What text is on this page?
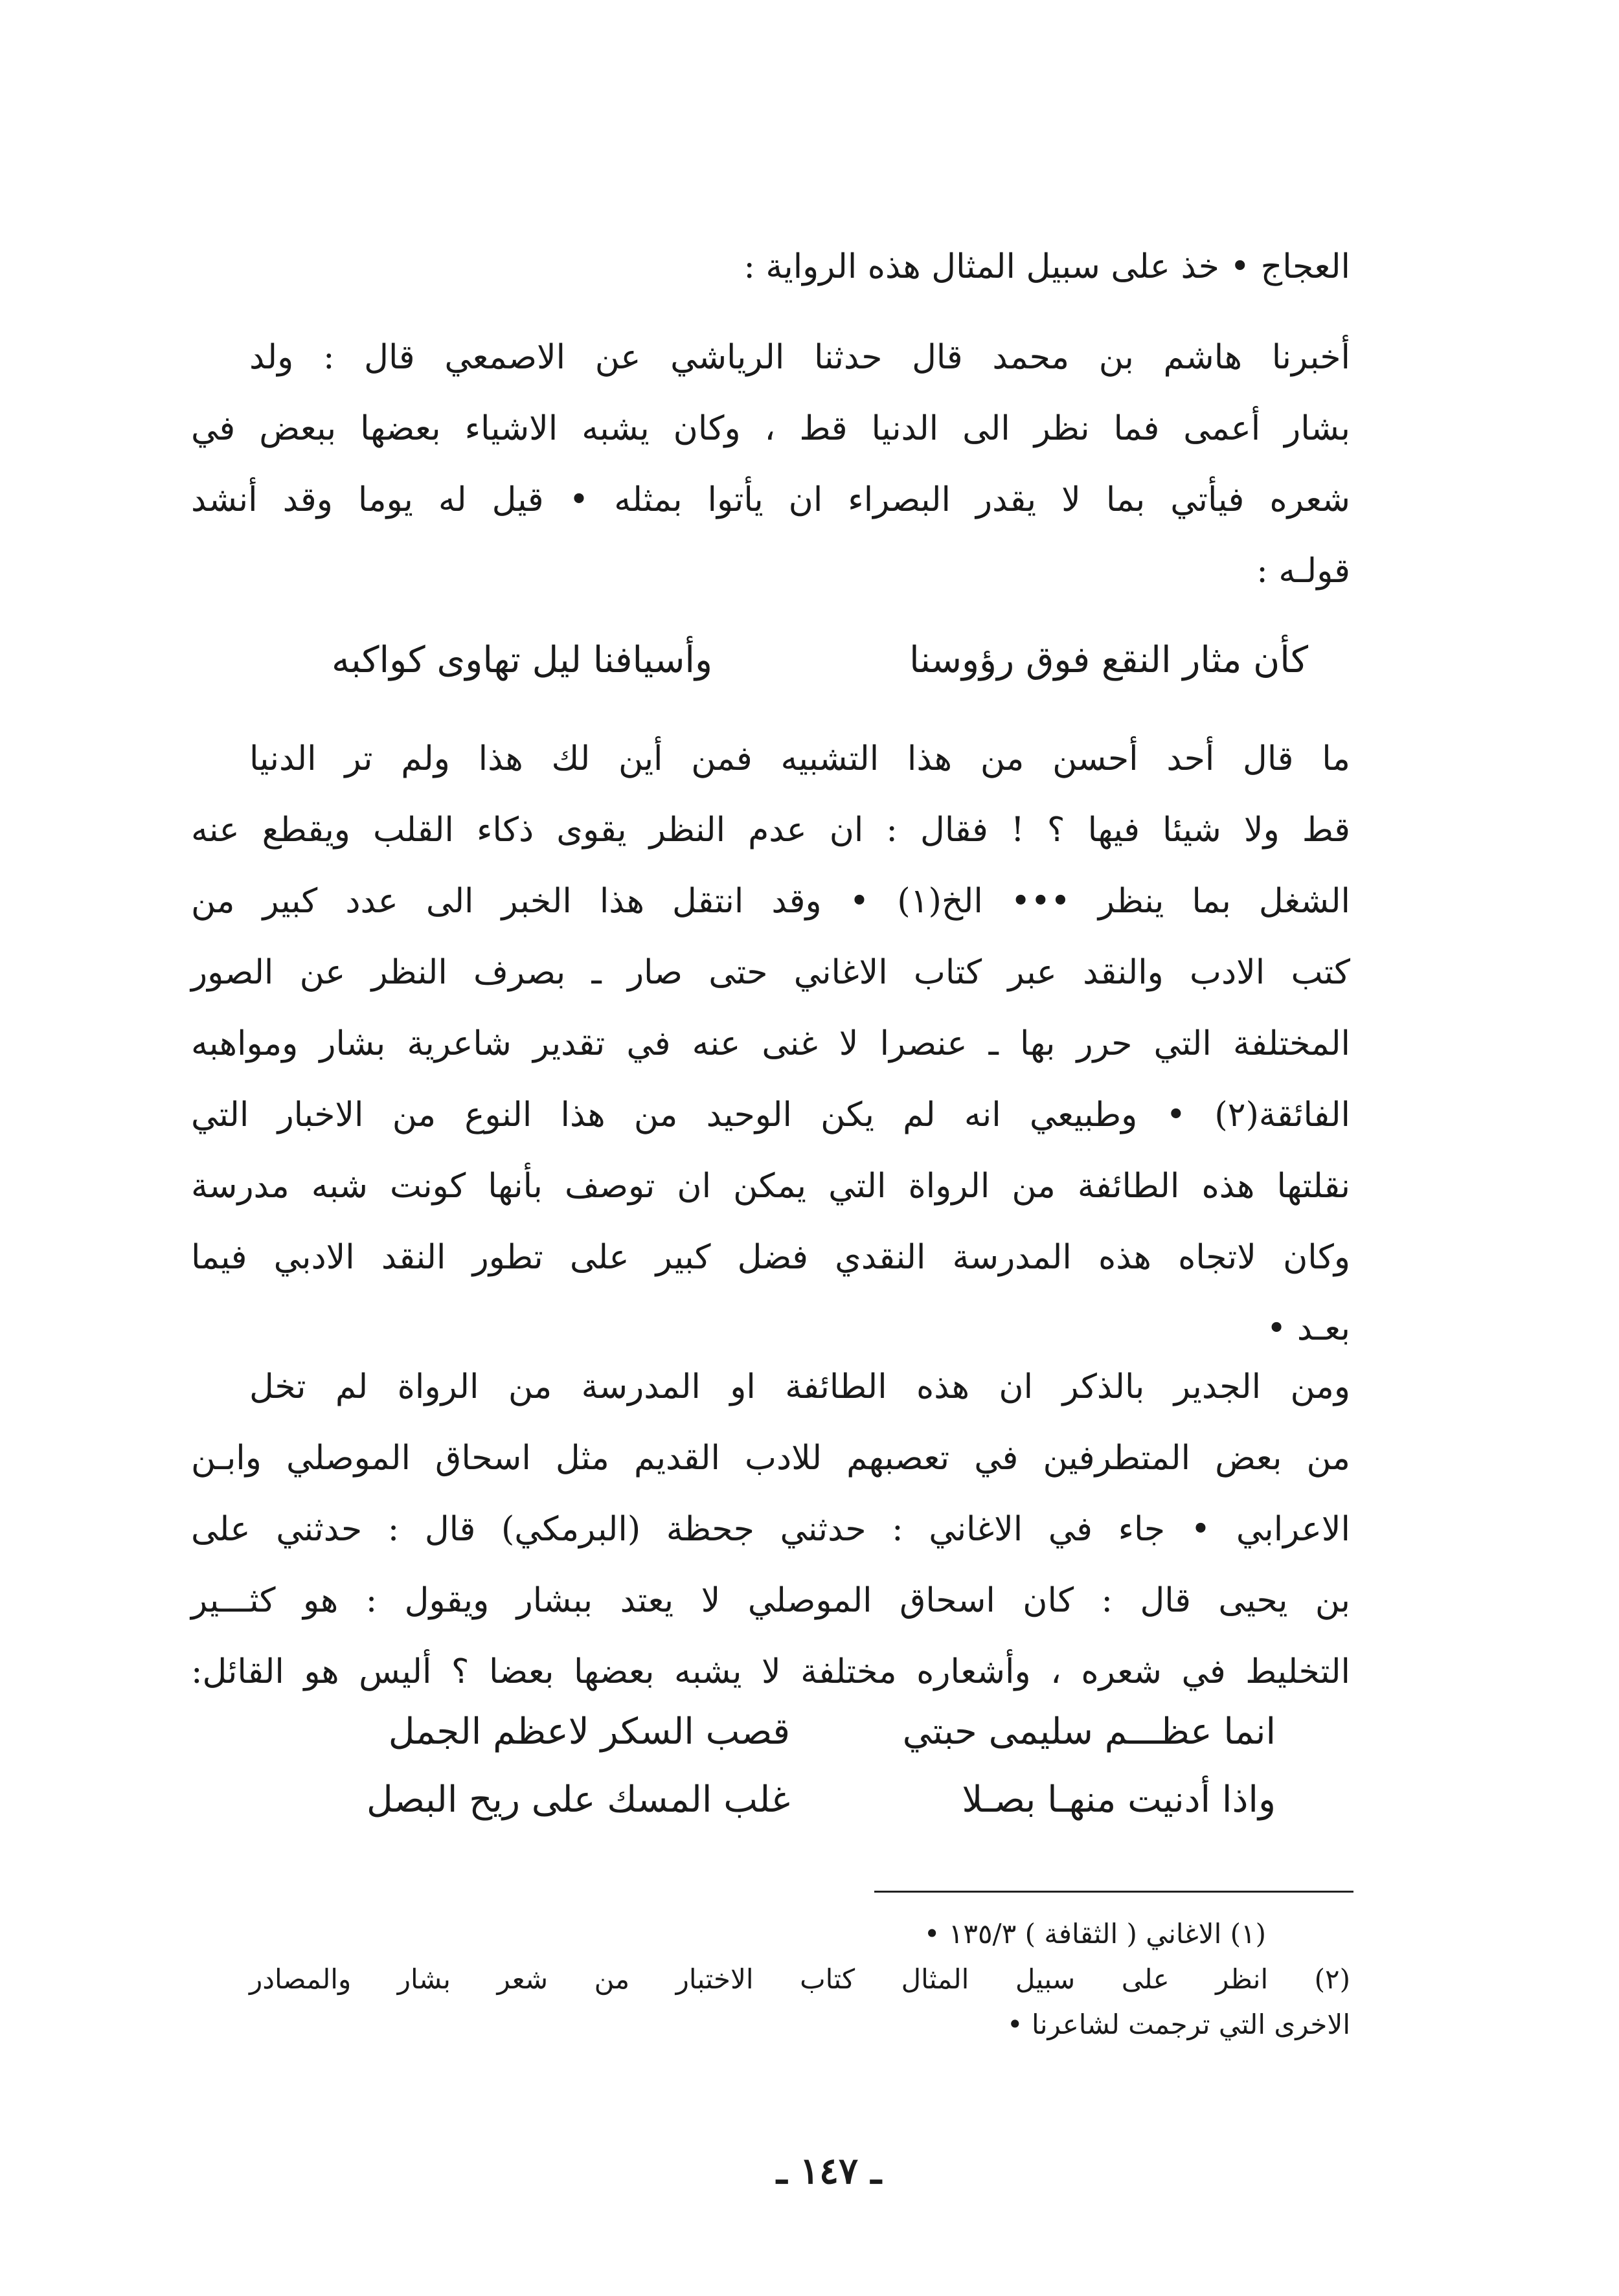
العجاج • خذ على سبيل المثال هذه الرواية :
أخبرنا هاشم بن محمد قال حدثنا الرياشي عن الاصمعي قال : ولد
بشار أعمى فما نظر الى الدنيا قط ، وكان يشبه الاشياء بعضها ببعض في
شعره فيأتي بما لا يقدر البصراء ان يأتوا بمثله • قيل له يوما وقد أنشد
قولـه :
كأن مثار النقع فوق رؤوسنا
وأسيافنا ليل تهاوى كواكبه
ما قال أحد أحسن من هذا التشبيه فمن أين لك هذا ولم تر الدنيا
قط ولا شيئا فيها ؟ ! فقال : ان عدم النظر يقوى ذكاء القلب ويقطع عنه
الشغل بما ينظر ••• الخ(١) • وقد انتقل هذا الخبر الى عدد كبير من
كتب الادب والنقد عبر كتاب الاغاني حتى صار ـ بصرف النظر عن الصور
المختلفة التي حرر بها ـ عنصرا لا غنى عنه في تقدير شاعرية بشار ومواهبه
الفائقة(٢) • وطبيعي انه لم يكن الوحيد من هذا النوع من الاخبار التي
نقلتها هذه الطائفة من الرواة التي يمكن ان توصف بأنها كونت شبه مدرسة
وكان لاتجاه هذه المدرسة النقدي فضل كبير على تطور النقد الادبي فيما
بعـد •
ومن الجدير بالذكر ان هذه الطائفة او المدرسة من الرواة لم تخل
من بعض المتطرفين في تعصبهم للادب القديم مثل اسحاق الموصلي وابـن
الاعرابي • جاء في الاغاني : حدثني جحظة (البرمكي) قال : حدثني على
بن يحيى قال : كان اسحاق الموصلي لا يعتد ببشار ويقول : هو كثـــير
التخليط في شعره ، وأشعاره مختلفة لا يشبه بعضها بعضا ؟ أليس هو القائل:
انما عظـــم سليمى حبتي
قصب السكر لاعظم الجمل
واذا أدنيت منهـا بصـلا
غلب المسك على ريح البصل
(١) الاغاني ( الثقافة ) ١٣٥/٣ •
(٢) انظر على سبيل المثال كتاب الاختبار من شعر بشار والمصادر
الاخرى التي ترجمت لشاعرنا •
ـ ١٤٧ ـ
